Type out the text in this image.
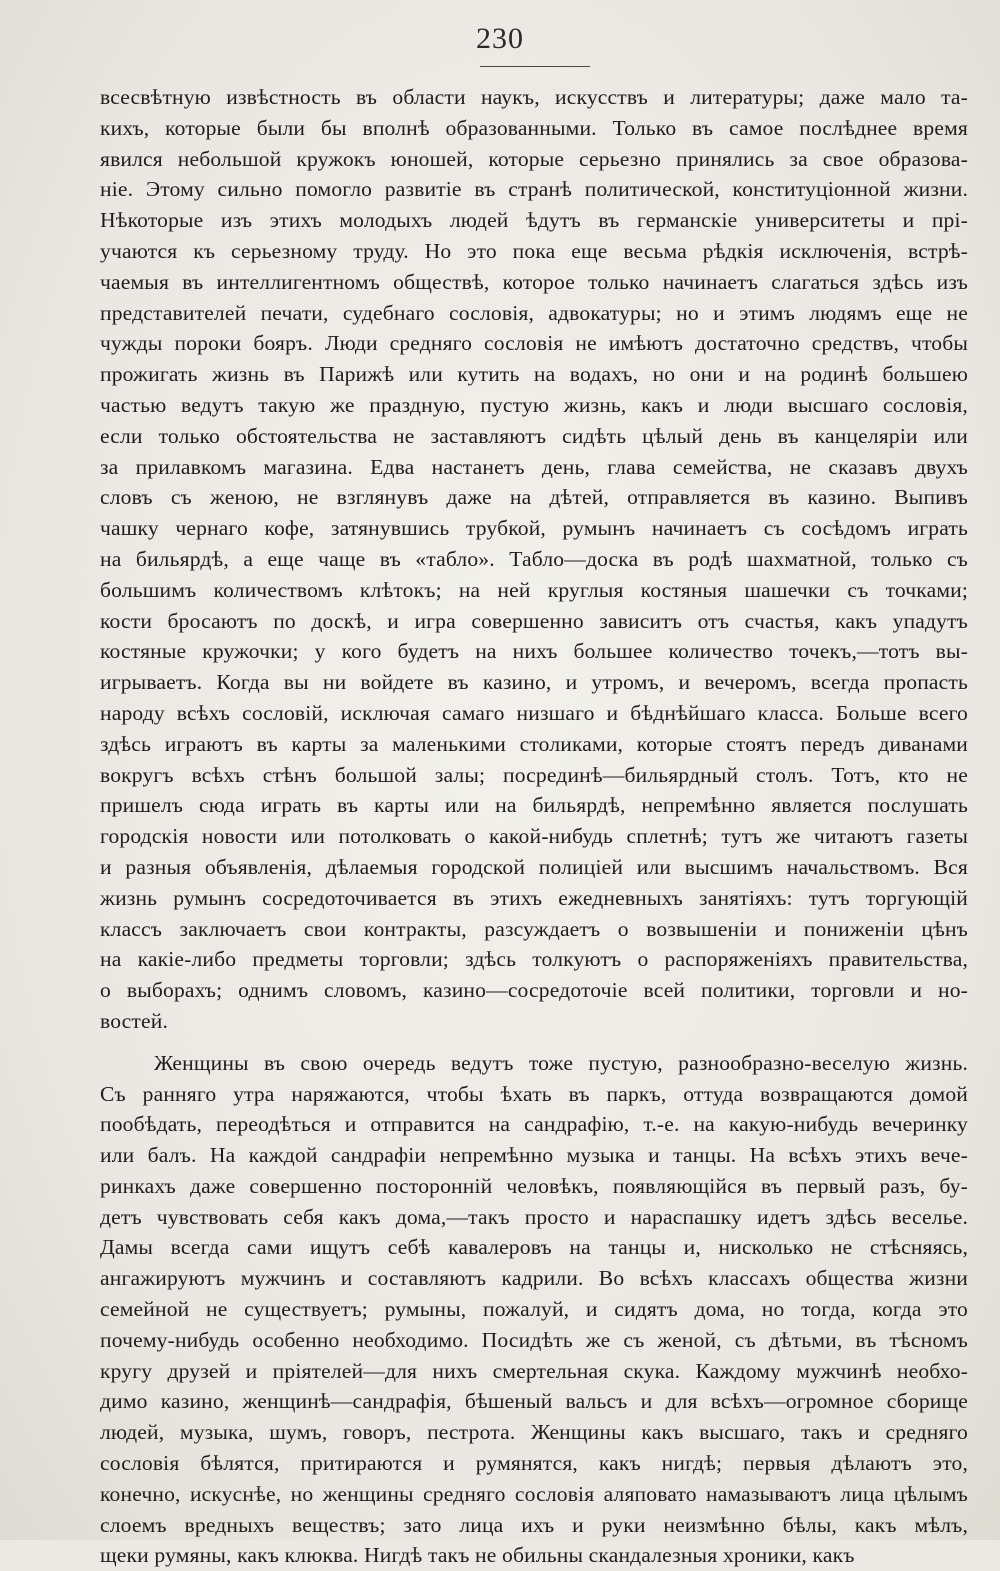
230
всесвѣтную извѣстность въ области наукъ, искусствъ и литературы; даже мало та-
кихъ, которые были бы вполнѣ образованными. Только въ самое послѣднее время
явился небольшой кружокъ юношей, которые серьезно принялись за свое образова-
ніе. Этому сильно помогло развитіе въ странѣ политической, конституціонной жизни.
Нѣкоторые изъ этихъ молодыхъ людей ѣдутъ въ германскіе университеты и прі-
учаются къ серьезному труду. Но это пока еще весьма рѣдкія исключенія, встрѣ-
чаемыя въ интеллигентномъ обществѣ, которое только начинаетъ слагаться здѣсь изъ
представителей печати, судебнаго сословія, адвокатуры; но и этимъ людямъ еще не
чужды пороки бояръ. Люди средняго сословія не имѣютъ достаточно средствъ, чтобы
прожигать жизнь въ Парижѣ или кутить на водахъ, но они и на родинѣ большею
частью ведутъ такую же праздную, пустую жизнь, какъ и люди высшаго сословія,
если только обстоятельства не заставляютъ сидѣть цѣлый день въ канцеляріи или
за прилавкомъ магазина. Едва настанетъ день, глава семейства, не сказавъ двухъ
словъ съ женою, не взглянувъ даже на дѣтей, отправляется въ казино. Выпивъ
чашку чернаго кофе, затянувшись трубкой, румынъ начинаетъ съ сосѣдомъ играть
на бильярдѣ, а еще чаще въ «табло». Табло—доска въ родѣ шахматной, только съ
большимъ количествомъ клѣтокъ; на ней круглыя костяныя шашечки съ точками;
кости бросаютъ по доскѣ, и игра совершенно зависитъ отъ счастья, какъ упадутъ
костяные кружочки; у кого будетъ на нихъ большее количество точекъ,—тотъ вы-
игрываетъ. Когда вы ни войдете въ казино, и утромъ, и вечеромъ, всегда пропасть
народу всѣхъ сословій, исключая самаго низшаго и бѣднѣйшаго класса. Больше всего
здѣсь играютъ въ карты за маленькими столиками, которые стоятъ передъ диванами
вокругъ всѣхъ стѣнъ большой залы; посрединѣ—бильярдный столъ. Тотъ, кто не
пришелъ сюда играть въ карты или на бильярдѣ, непремѣнно является послушать
городскія новости или потолковать о какой-нибудь сплетнѣ; тутъ же читаютъ газеты
и разныя объявленія, дѣлаемыя городской полиціей или высшимъ начальствомъ. Вся
жизнь румынъ сосредоточивается въ этихъ ежедневныхъ занятіяхъ: тутъ торгующій
классъ заключаетъ свои контракты, разсуждаетъ о возвышеніи и пониженіи цѣнъ
на какіе-либо предметы торговли; здѣсь толкуютъ о распоряженіяхъ правительства,
о выборахъ; однимъ словомъ, казино—сосредоточіе всей политики, торговли и но-
востей.
Женщины въ свою очередь ведутъ тоже пустую, разнообразно-веселую жизнь.
Съ ранняго утра наряжаются, чтобы ѣхать въ паркъ, оттуда возвращаются домой
пообѣдать, переодѣться и отправится на сандрафію, т.-е. на какую-нибудь вечеринку
или балъ. На каждой сандрафіи непремѣнно музыка и танцы. На всѣхъ этихъ вече-
ринкахъ даже совершенно посторонній человѣкъ, появляющійся въ первый разъ, бу-
детъ чувствовать себя какъ дома,—такъ просто и нараспашку идетъ здѣсь веселье.
Дамы всегда сами ищутъ себѣ кавалеровъ на танцы и, нисколько не стѣсняясь,
ангажируютъ мужчинъ и составляютъ кадрили. Во всѣхъ классахъ общества жизни
семейной не существуетъ; румыны, пожалуй, и сидятъ дома, но тогда, когда это
почему-нибудь особенно необходимо. Посидѣть же съ женой, съ дѣтьми, въ тѣсномъ
кругу друзей и пріятелей—для нихъ смертельная скука. Каждому мужчинѣ необхо-
димо казино, женщинѣ—сандрафія, бѣшеный вальсъ и для всѣхъ—огромное сборище
людей, музыка, шумъ, говоръ, пестрота. Женщины какъ высшаго, такъ и средняго
сословія бѣлятся, притираются и румянятся, какъ нигдѣ; первыя дѣлаютъ это,
конечно, искуснѣе, но женщины средняго сословія аляповато намазываютъ лица цѣлымъ
слоемъ вредныхъ веществъ; зато лица ихъ и руки неизмѣнно бѣлы, какъ мѣлъ,
щеки румяны, какъ клюква. Нигдѣ такъ не обильны скандалезныя хроники, какъ
